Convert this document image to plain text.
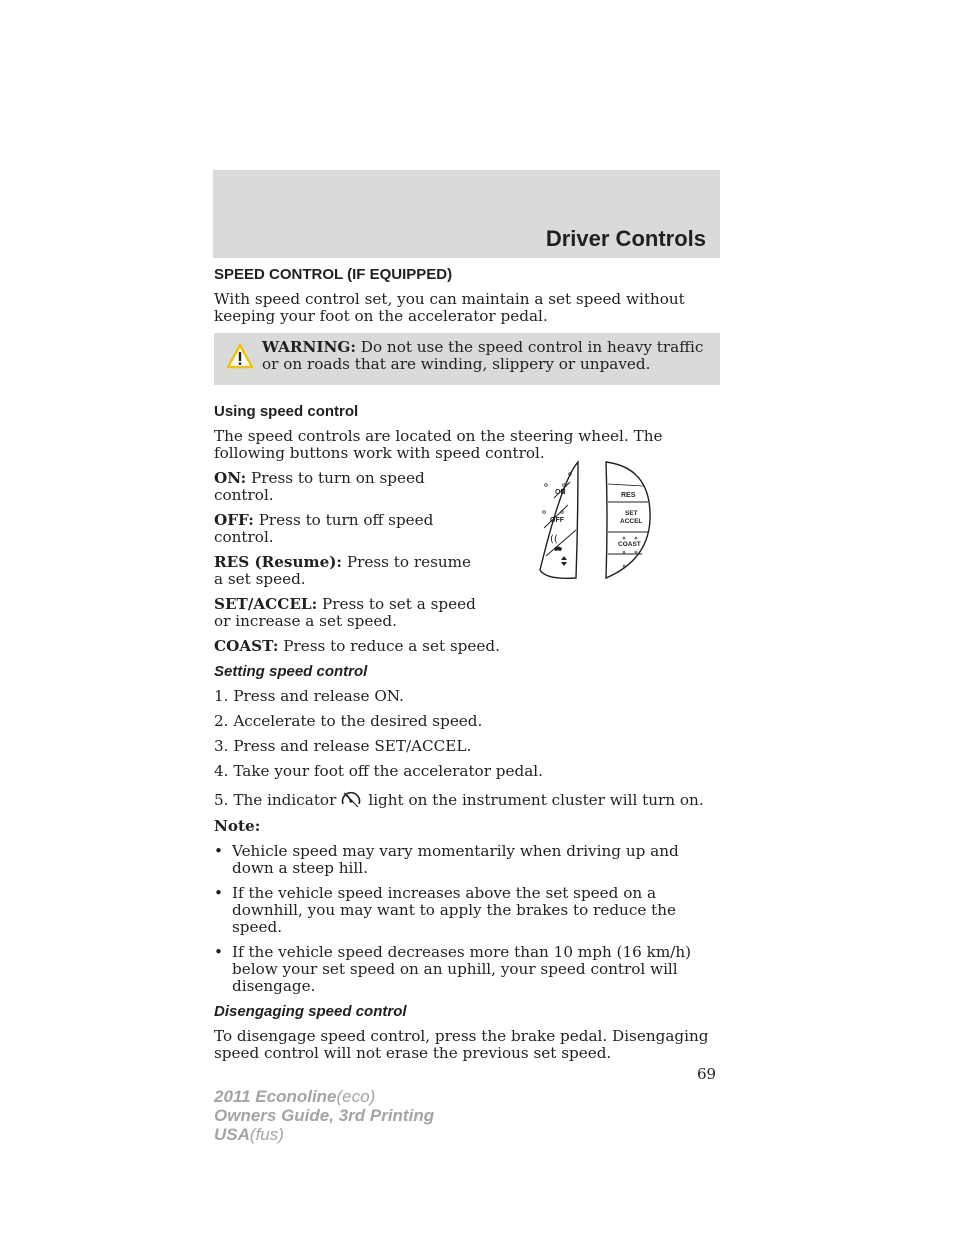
Driver Controls
SPEED CONTROL (IF EQUIPPED)

With speed control set, you can maintain a set speed without keeping your foot on the accelerator pedal.

WARNING: Do not use the speed control in heavy traffic or on roads that are winding, slippery or unpaved.
Using speed control

The speed controls are located on the steering wheel. The following buttons work with speed control.

ON: Press to turn on speed control.

OFF: Press to turn off speed control.

RES (Resume): Press to resume a set speed.

SET/ACCEL: Press to set a speed or increase a set speed.

COAST: Press to reduce a set speed.

Setting speed control

1. Press and release ON.

2. Accelerate to the desired speed.

3. Press and release SET/ACCEL.

4. Take your foot off the accelerator pedal.

5. The indicator light on the instrument cluster will turn on.

Note:

• Vehicle speed may vary momentarily when driving up and down a steep hill.

• If the vehicle speed increases above the set speed on a downhill, you may want to apply the brakes to reduce the speed.

• If the vehicle speed decreases more than 10 mph (16 km/h) below your set speed on an uphill, your speed control will disengage.

Disengaging speed control

To disengage speed control, press the brake pedal. Disengaging speed control will not erase the previous set speed.

ON
OFF
((
RES
SET
ACCEL
COAST
69
2011 Econoline(eco)
Owners Guide, 3rd Printing
USA(fus)
